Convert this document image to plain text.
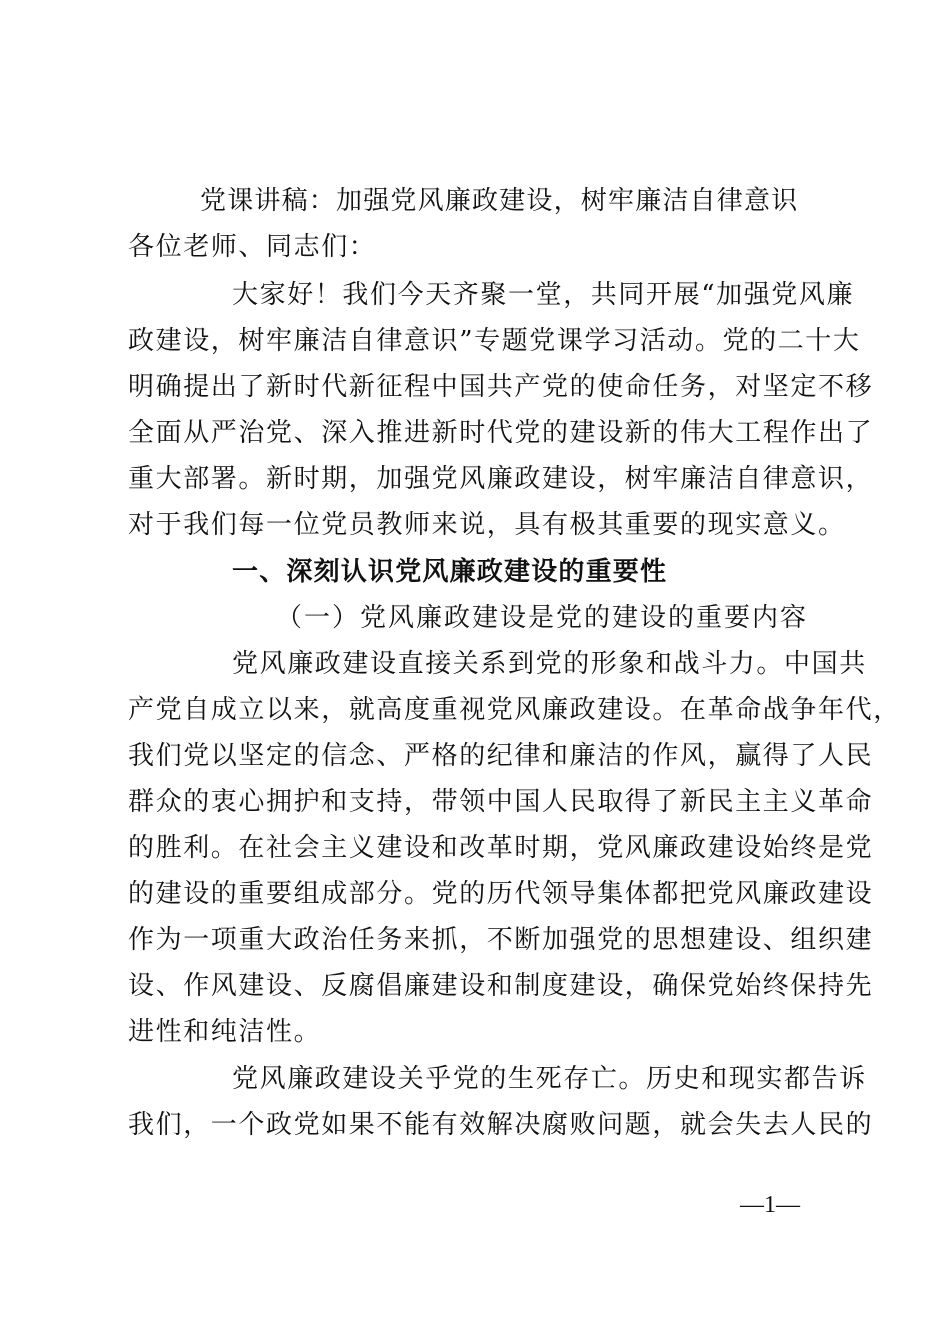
党课讲稿：加强党风廉政建设，树牢廉洁自律意识
各位老师、同志们：
大家好！我们今天齐聚一堂，共同开展“加强党风廉
政建设，树牢廉洁自律意识”专题党课学习活动。党的二十大
明确提出了新时代新征程中国共产党的使命任务，对坚定不移
全面从严治党、深入推进新时代党的建设新的伟大工程作出了
重大部署。新时期，加强党风廉政建设，树牢廉洁自律意识，
对于我们每一位党员教师来说，具有极其重要的现实意义。
一、深刻认识党风廉政建设的重要性
（一）党风廉政建设是党的建设的重要内容
党风廉政建设直接关系到党的形象和战斗力。中国共
产党自成立以来，就高度重视党风廉政建设。在革命战争年代，
我们党以坚定的信念、严格的纪律和廉洁的作风，赢得了人民
群众的衷心拥护和支持，带领中国人民取得了新民主主义革命
的胜利。在社会主义建设和改革时期，党风廉政建设始终是党
的建设的重要组成部分。党的历代领导集体都把党风廉政建设
作为一项重大政治任务来抓，不断加强党的思想建设、组织建
设、作风建设、反腐倡廉建设和制度建设，确保党始终保持先
进性和纯洁性。
党风廉政建设关乎党的生死存亡。历史和现实都告诉
我们，一个政党如果不能有效解决腐败问题，就会失去人民的
—1—
